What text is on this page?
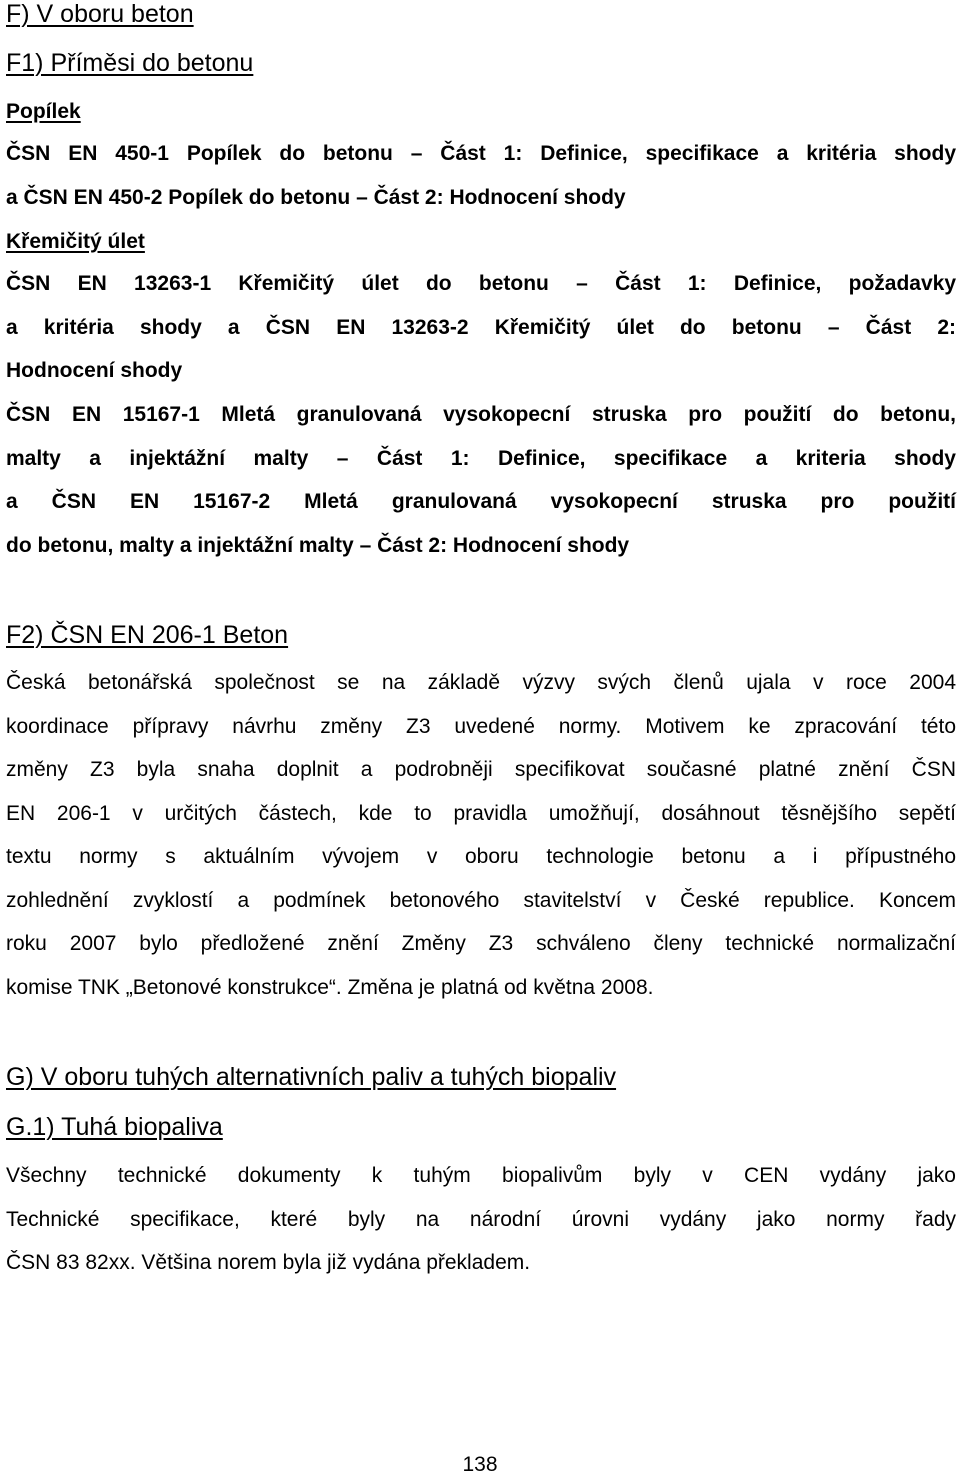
F) V oboru beton
F1) Příměsi do betonu
Popílek
ČSN EN 450-1 Popílek do betonu – Část 1: Definice, specifikace a kritéria shody
a ČSN EN 450-2 Popílek do betonu – Část 2: Hodnocení shody
Křemičitý úlet
ČSN EN 13263-1 Křemičitý úlet do betonu – Část 1: Definice, požadavky
a kritéria shody a ČSN EN 13263-2 Křemičitý úlet do betonu – Část 2:
Hodnocení shody
ČSN EN 15167-1 Mletá granulovaná vysokopecní struska pro použití do betonu,
malty a injektážní malty – Část 1: Definice, specifikace a kriteria shody
a ČSN EN 15167-2 Mletá granulovaná vysokopecní struska pro použití
do betonu, malty a injektážní malty – Část 2: Hodnocení shody
F2) ČSN EN 206-1 Beton
Česká betonářská společnost se na základě výzvy svých členů ujala v roce 2004
koordinace přípravy návrhu změny Z3 uvedené normy. Motivem ke zpracování této
změny Z3 byla snaha doplnit a podrobněji specifikovat současné platné znění ČSN
EN 206-1 v určitých částech, kde to pravidla umožňují, dosáhnout těsnějšího sepětí
textu normy s aktuálním vývojem v oboru technologie betonu a i přípustného
zohlednění zvyklostí a podmínek betonového stavitelství v České republice. Koncem
roku 2007 bylo předložené znění Změny Z3 schváleno členy technické normalizační
komise TNK „Betonové konstrukce“. Změna je platná od května 2008.
G) V oboru tuhých alternativních paliv a tuhých biopaliv
G.1) Tuhá biopaliva
Všechny technické dokumenty k tuhým biopalivům byly v CEN vydány jako
Technické specifikace, které byly na národní úrovni vydány jako normy řady
ČSN 83 82xx. Většina norem byla již vydána překladem.
138
